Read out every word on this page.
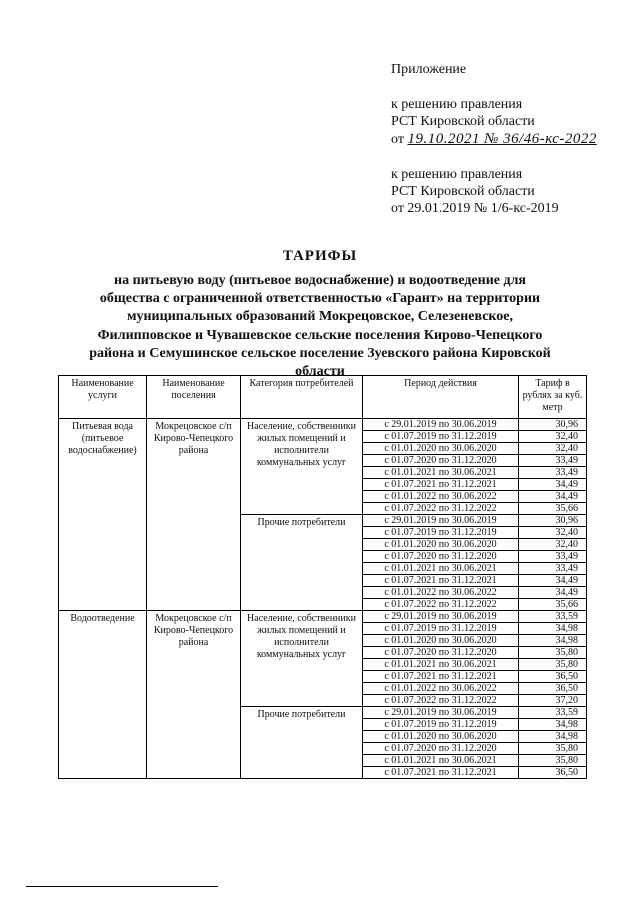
Приложение
к решению правления
РСТ Кировской области
от 19.10.2021 № 36/46-кс-2022
к решению правления
РСТ Кировской области
от 29.01.2019 № 1/6-кс-2019
ТАРИФЫ
на питьевую воду (питьевое водоснабжение) и водоотведение для
общества с ограниченной ответственностью «Гарант» на территории
муниципальных образований Мокрецовское, Селезеневское,
Филипповское и Чувашевское сельские поселения Кирово-Чепецкого
района и Семушинское сельское поселение Зуевского района Кировской
области
Наименование услуги	Наименование поселения	Категория потребителей	Период действия	Тариф в рублях за куб. метр
Питьевая вода (питьевое водоснабжение)	Мокрецовское с/п Кирово-Чепецкого района	Население, собственники жилых помещений и исполнители коммунальных услуг	с 29.01.2019 по 30.06.2019	30,96
			с 01.07.2019 по 31.12.2019	32,40
			с 01.01.2020 по 30.06.2020	32,40
			с 01.07.2020 по 31.12.2020	33,49
			с 01.01.2021 по 30.06.2021	33,49
			с 01.07.2021 по 31.12.2021	34,49
			с 01.01.2022 по 30.06.2022	34,49
			с 01.07.2022 по 31.12.2022	35,66
		Прочие потребители	с 29.01.2019 по 30.06.2019	30,96
			с 01.07.2019 по 31.12.2019	32,40
			с 01.01.2020 по 30.06.2020	32,40
			с 01.07.2020 по 31.12.2020	33,49
			с 01.01.2021 по 30.06.2021	33,49
			с 01.07.2021 по 31.12.2021	34,49
			с 01.01.2022 по 30.06.2022	34,49
			с 01.07.2022 по 31.12.2022	35,66
Водоотведение	Мокрецовское с/п Кирово-Чепецкого района	Население, собственники жилых помещений и исполнители коммунальных услуг	с 29.01.2019 по 30.06.2019	33,59
			с 01.07.2019 по 31.12.2019	34,98
			с 01.01.2020 по 30.06.2020	34,98
			с 01.07.2020 по 31.12.2020	35,80
			с 01.01.2021 по 30.06.2021	35,80
			с 01.07.2021 по 31.12.2021	36,50
			с 01.01.2022 по 30.06.2022	36,50
			с 01.07.2022 по 31.12.2022	37,20
		Прочие потребители	с 29.01.2019 по 30.06.2019	33,59
			с 01.07.2019 по 31.12.2019	34,98
			с 01.01.2020 по 30.06.2020	34,98
			с 01.07.2020 по 31.12.2020	35,80
			с 01.01.2021 по 30.06.2021	35,80
			с 01.07.2021 по 31.12.2021	36,50
